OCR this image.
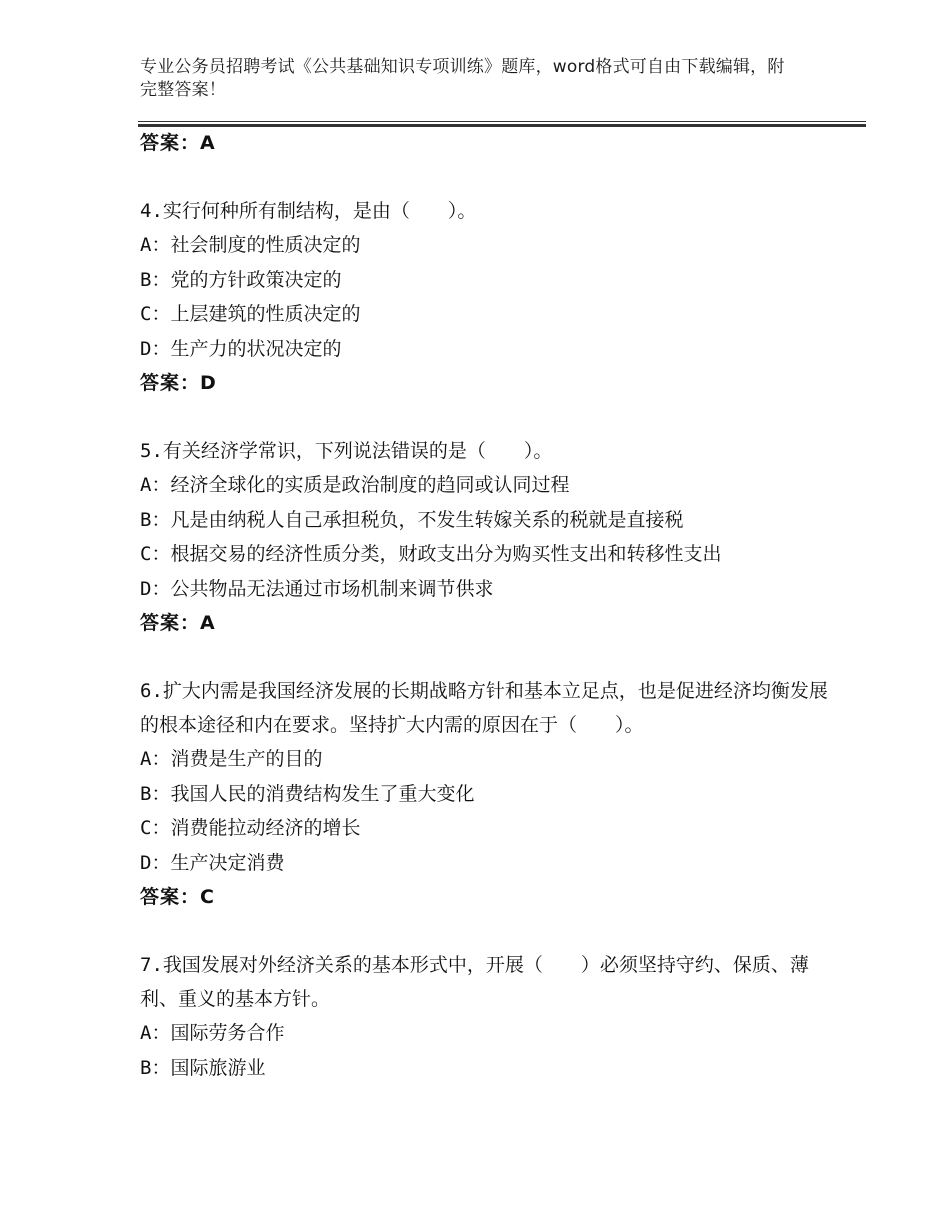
专业公务员招聘考试《公共基础知识专项训练》题库，word格式可自由下载编辑，附完整答案！
答案：A
4.实行何种所有制结构，是由（　　）。
A：社会制度的性质决定的
B：党的方针政策决定的
C：上层建筑的性质决定的
D：生产力的状况决定的
答案：D
5.有关经济学常识，下列说法错误的是（　　）。
A：经济全球化的实质是政治制度的趋同或认同过程
B：凡是由纳税人自己承担税负，不发生转嫁关系的税就是直接税
C：根据交易的经济性质分类，财政支出分为购买性支出和转移性支出
D：公共物品无法通过市场机制来调节供求
答案：A
6.扩大内需是我国经济发展的长期战略方针和基本立足点，也是促进经济均衡发展的根本途径和内在要求。坚持扩大内需的原因在于（　　）。
A：消费是生产的目的
B：我国人民的消费结构发生了重大变化
C：消费能拉动经济的增长
D：生产决定消费
答案：C
7.我国发展对外经济关系的基本形式中，开展（　　）必须坚持守约、保质、薄利、重义的基本方针。
A：国际劳务合作
B：国际旅游业
